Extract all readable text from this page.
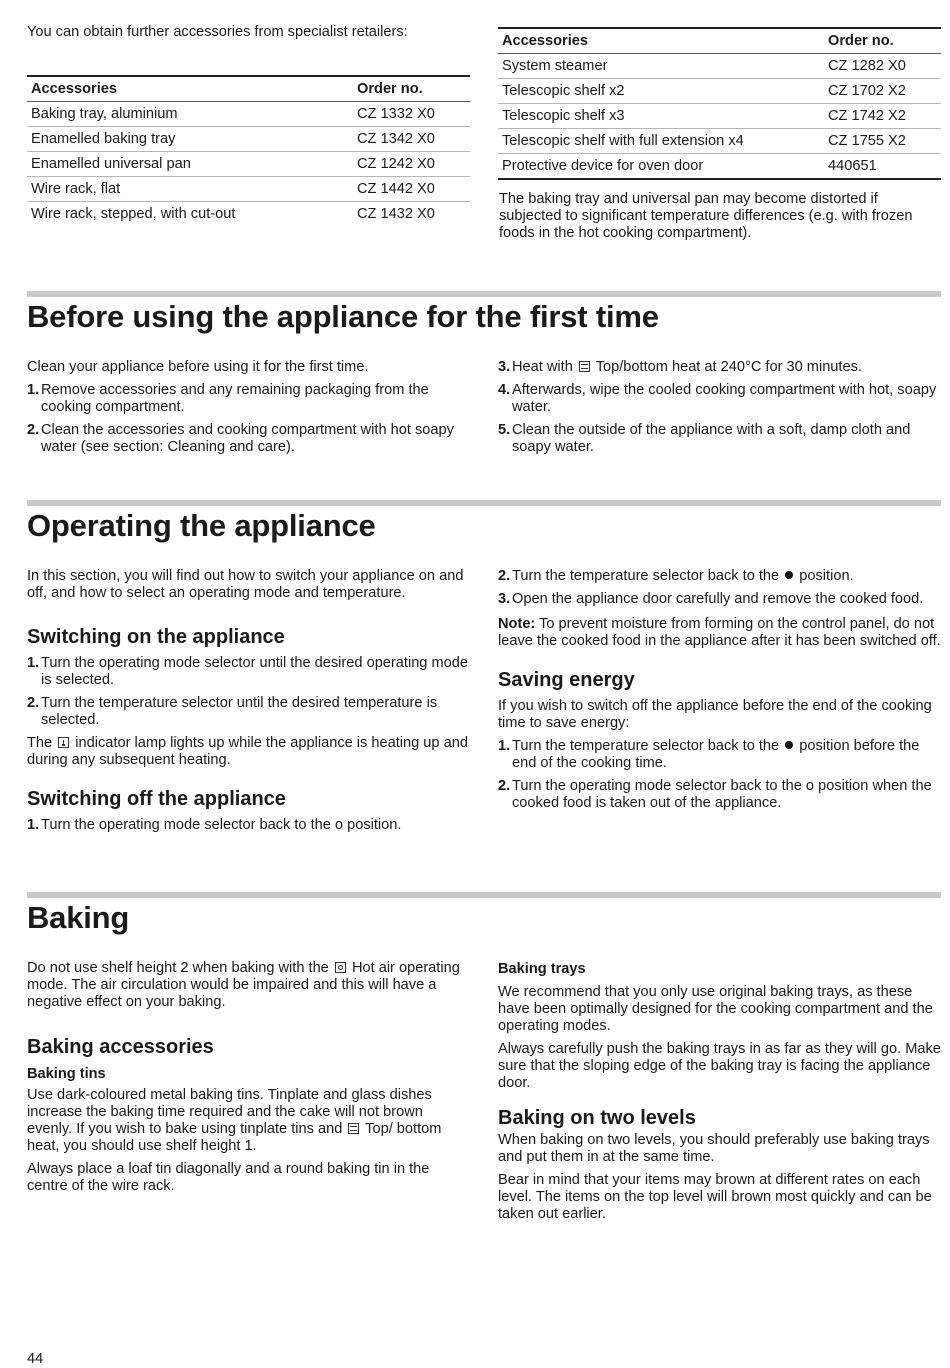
You can obtain further accessories from specialist retailers:

Accessories	Order no.
Baking tray, aluminium	CZ 1332 X0
Enamelled baking tray	CZ 1342 X0
Enamelled universal pan	CZ 1242 X0
Wire rack, flat	CZ 1442 X0
Wire rack, stepped, with cut-out	CZ 1432 X0
Accessories	Order no.
System steamer	CZ 1282 X0
Telescopic shelf x2	CZ 1702 X2
Telescopic shelf x3	CZ 1742 X2
Telescopic shelf with full extension x4	CZ 1755 X2
Protective device for oven door	440651

The baking tray and universal pan may become distorted if subjected to significant temperature differences (e.g. with frozen foods in the hot cooking compartment).

Before using the appliance for the first time

Clean your appliance before using it for the first time.

1. Remove accessories and any remaining packaging from the cooking compartment.
2. Clean the accessories and cooking compartment with hot soapy water (see section: Cleaning and care).
3. Heat with Top/bottom heat at 240°C for 30 minutes.
4. Afterwards, wipe the cooled cooking compartment with hot, soapy water.
5. Clean the outside of the appliance with a soft, damp cloth and soapy water.
Operating the appliance

In this section, you will find out how to switch your appliance on and off, and how to select an operating mode and temperature.

Switching on the appliance
1. Turn the operating mode selector until the desired operating mode is selected.
2. Turn the temperature selector until the desired temperature is selected.

The indicator lamp lights up while the appliance is heating up and during any subsequent heating.

Switching off the appliance
1. Turn the operating mode selector back to the o position.
2. Turn the temperature selector back to the position.
3. Open the appliance door carefully and remove the cooked food.

Note: To prevent moisture from forming on the control panel, do not leave the cooked food in the appliance after it has been switched off.

Saving energy

If you wish to switch off the appliance before the end of the cooking time to save energy:

1. Turn the temperature selector back to the position before the end of the cooking time.
2. Turn the operating mode selector back to the o position when the cooked food is taken out of the appliance.
Baking

Do not use shelf height 2 when baking with the Hot air operating mode. The air circulation would be impaired and this will have a negative effect on your baking.

Baking accessories
Baking tins

Use dark-coloured metal baking tins. Tinplate and glass dishes increase the baking time required and the cake will not brown evenly. If you wish to bake using tinplate tins and Top/ bottom heat, you should use shelf height 1.

Always place a loaf tin diagonally and a round baking tin in the centre of the wire rack.

Baking trays

We recommend that you only use original baking trays, as these have been optimally designed for the cooking compartment and the operating modes.

Always carefully push the baking trays in as far as they will go. Make sure that the sloping edge of the baking tray is facing the appliance door.

Baking on two levels

When baking on two levels, you should preferably use baking trays and put them in at the same time.

Bear in mind that your items may brown at different rates on each level. The items on the top level will brown most quickly and can be taken out earlier.

44
